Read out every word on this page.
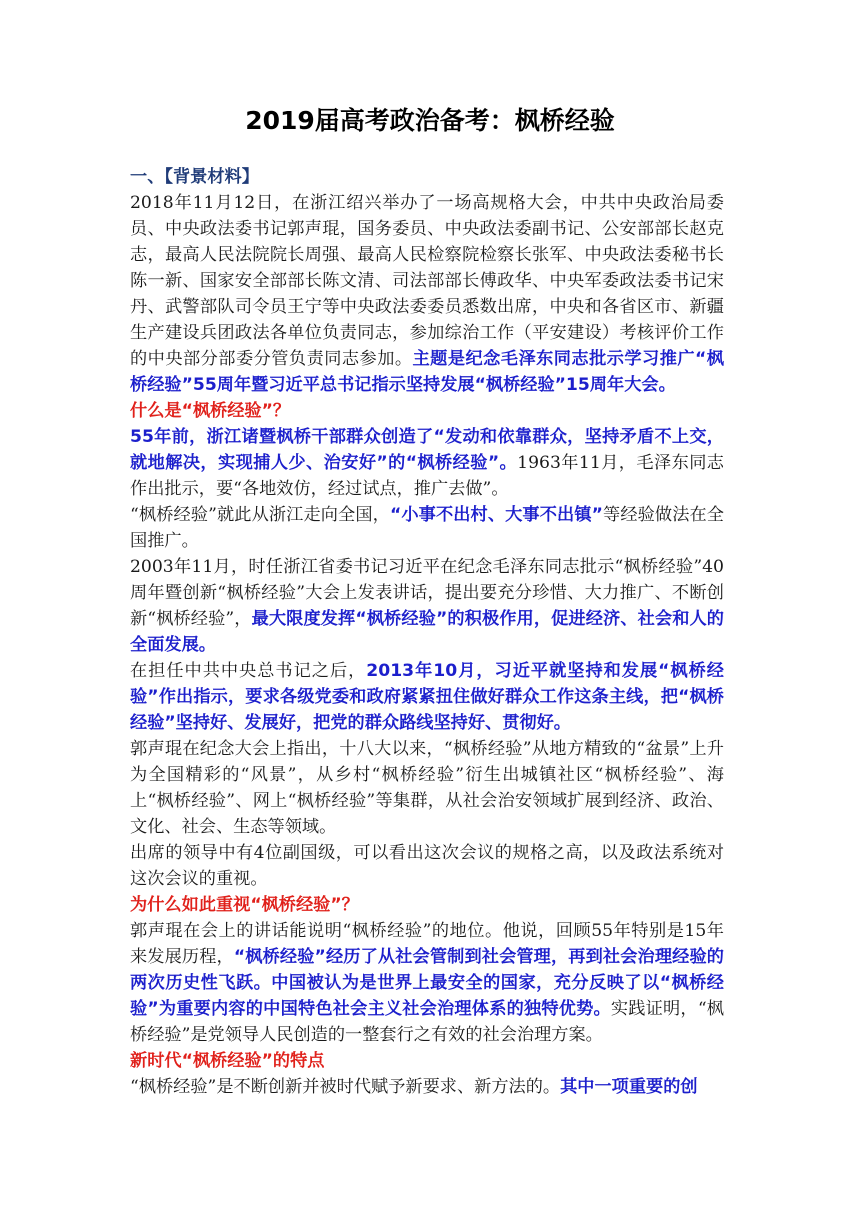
2019届高考政治备考：枫桥经验

一、【背景材料】

2018年11月12日，在浙江绍兴举办了一场高规格大会，中共中央政治局委员、中央政法委书记郭声琨，国务委员、中央政法委副书记、公安部部长赵克志，最高人民法院院长周强、最高人民检察院检察长张军、中央政法委秘书长陈一新、国家安全部部长陈文清、司法部部长傅政华、中央军委政法委书记宋丹、武警部队司令员王宁等中央政法委委员悉数出席，中央和各省区市、新疆生产建设兵团政法各单位负责同志，参加综治工作（平安建设）考核评价工作的中央部分部委分管负责同志参加。主题是纪念毛泽东同志批示学习推广“枫桥经验”55周年暨习近平总书记指示坚持发展“枫桥经验”15周年大会。

什么是“枫桥经验”？

55年前，浙江诸暨枫桥干部群众创造了“发动和依靠群众，坚持矛盾不上交，就地解决，实现捕人少、治安好”的“枫桥经验”。1963年11月，毛泽东同志作出批示，要“各地效仿，经过试点，推广去做”。

“枫桥经验”就此从浙江走向全国，“小事不出村、大事不出镇”等经验做法在全国推广。

2003年11月，时任浙江省委书记习近平在纪念毛泽东同志批示“枫桥经验”40周年暨创新“枫桥经验”大会上发表讲话，提出要充分珍惜、大力推广、不断创新“枫桥经验”，最大限度发挥“枫桥经验”的积极作用，促进经济、社会和人的全面发展。

在担任中共中央总书记之后，2013年10月，习近平就坚持和发展“枫桥经验”作出指示，要求各级党委和政府紧紧扭住做好群众工作这条主线，把“枫桥经验”坚持好、发展好，把党的群众路线坚持好、贯彻好。

郭声琨在纪念大会上指出，十八大以来，“枫桥经验”从地方精致的“盆景”上升为全国精彩的“风景”，从乡村“枫桥经验”衍生出城镇社区“枫桥经验”、海上“枫桥经验”、网上“枫桥经验”等集群，从社会治安领域扩展到经济、政治、文化、社会、生态等领域。

出席的领导中有4位副国级，可以看出这次会议的规格之高，以及政法系统对这次会议的重视。

为什么如此重视“枫桥经验”？

郭声琨在会上的讲话能说明“枫桥经验”的地位。他说，回顾55年特别是15年来发展历程，“枫桥经验”经历了从社会管制到社会管理，再到社会治理经验的两次历史性飞跃。中国被认为是世界上最安全的国家，充分反映了以“枫桥经验”为重要内容的中国特色社会主义社会治理体系的独特优势。实践证明，“枫桥经验”是党领导人民创造的一整套行之有效的社会治理方案。

新时代“枫桥经验”的特点

“枫桥经验”是不断创新并被时代赋予新要求、新方法的。其中一项重要的创
